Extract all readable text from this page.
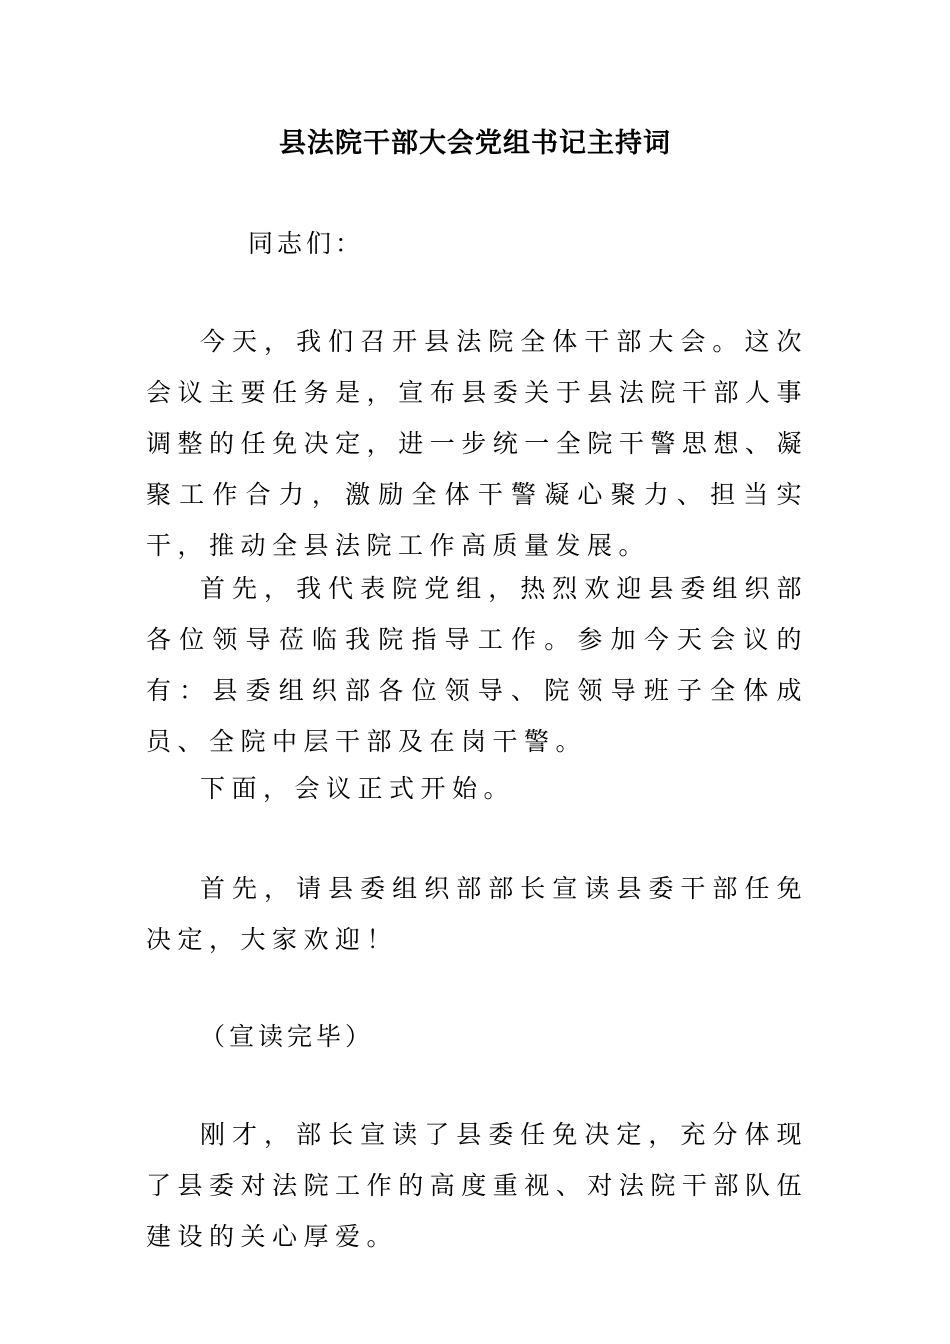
县法院干部大会党组书记主持词
同志们：
今天，我们召开县法院全体干部大会。这次会议主要任务是，宣布县委关于县法院干部人事调整的任免决定，进一步统一全院干警思想、凝聚工作合力，激励全体干警凝心聚力、担当实干，推动全县法院工作高质量发展。
首先，我代表院党组，热烈欢迎县委组织部各位领导莅临我院指导工作。参加今天会议的有：县委组织部各位领导、院领导班子全体成员、全院中层干部及在岗干警。
下面，会议正式开始。
首先，请县委组织部部长宣读县委干部任免决定，大家欢迎！
（宣读完毕）
刚才，部长宣读了县委任免决定，充分体现了县委对法院工作的高度重视、对法院干部队伍建设的关心厚爱。
